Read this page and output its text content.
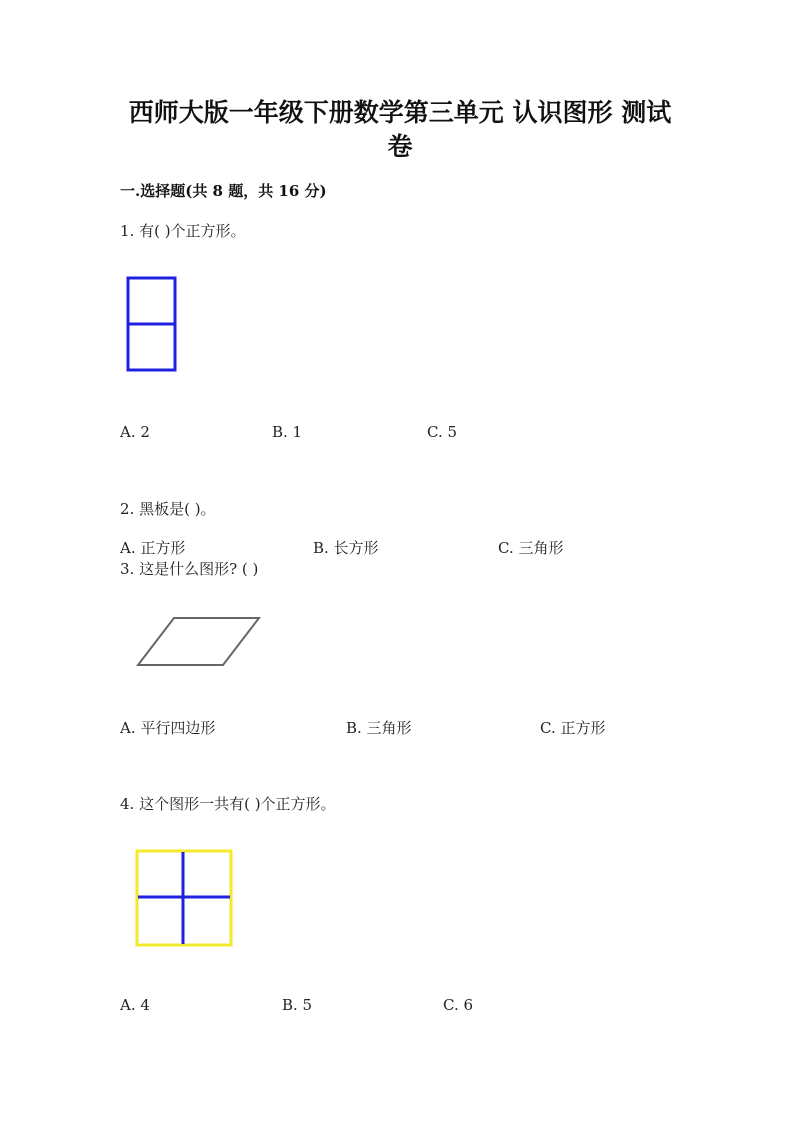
西师大版一年级下册数学第三单元 认识图形 测试
卷
一.选择题(共 8 题，共 16 分)
1. 有( )个正方形。
A. 2	B. 1	C. 5
2. 黑板是( )。
A. 正方形	B. 长方形	C. 三角形
3. 这是什么图形? ( )
A. 平行四边形	B. 三角形	C. 正方形
4. 这个图形一共有( )个正方形。
A. 4	B. 5	C. 6
